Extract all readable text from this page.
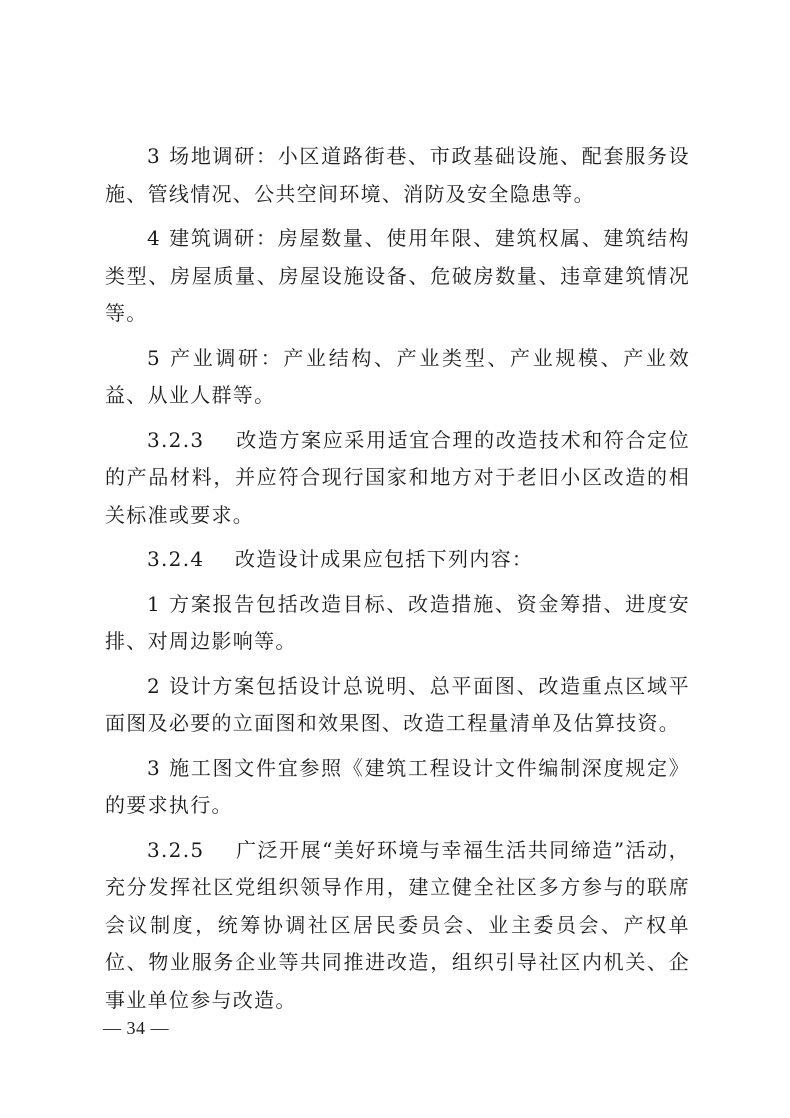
3 场地调研：小区道路街巷、市政基础设施、配套服务设施、管线情况、公共空间环境、消防及安全隐患等。

4 建筑调研：房屋数量、使用年限、建筑权属、建筑结构类型、房屋质量、房屋设施设备、危破房数量、违章建筑情况等。

5 产业调研：产业结构、产业类型、产业规模、产业效益、从业人群等。

3.2.3 改造方案应采用适宜合理的改造技术和符合定位的产品材料，并应符合现行国家和地方对于老旧小区改造的相关标准或要求。

3.2.4 改造设计成果应包括下列内容：

1 方案报告包括改造目标、改造措施、资金筹措、进度安排、对周边影响等。

2 设计方案包括设计总说明、总平面图、改造重点区域平面图及必要的立面图和效果图、改造工程量清单及估算技资。

3 施工图文件宜参照《建筑工程设计文件编制深度规定》的要求执行。

3.2.5 广泛开展“美好环境与幸福生活共同缔造”活动，充分发挥社区党组织领导作用，建立健全社区多方参与的联席会议制度，统筹协调社区居民委员会、业主委员会、产权单位、物业服务企业等共同推进改造，组织引导社区内机关、企事业单位参与改造。

— 34 —
